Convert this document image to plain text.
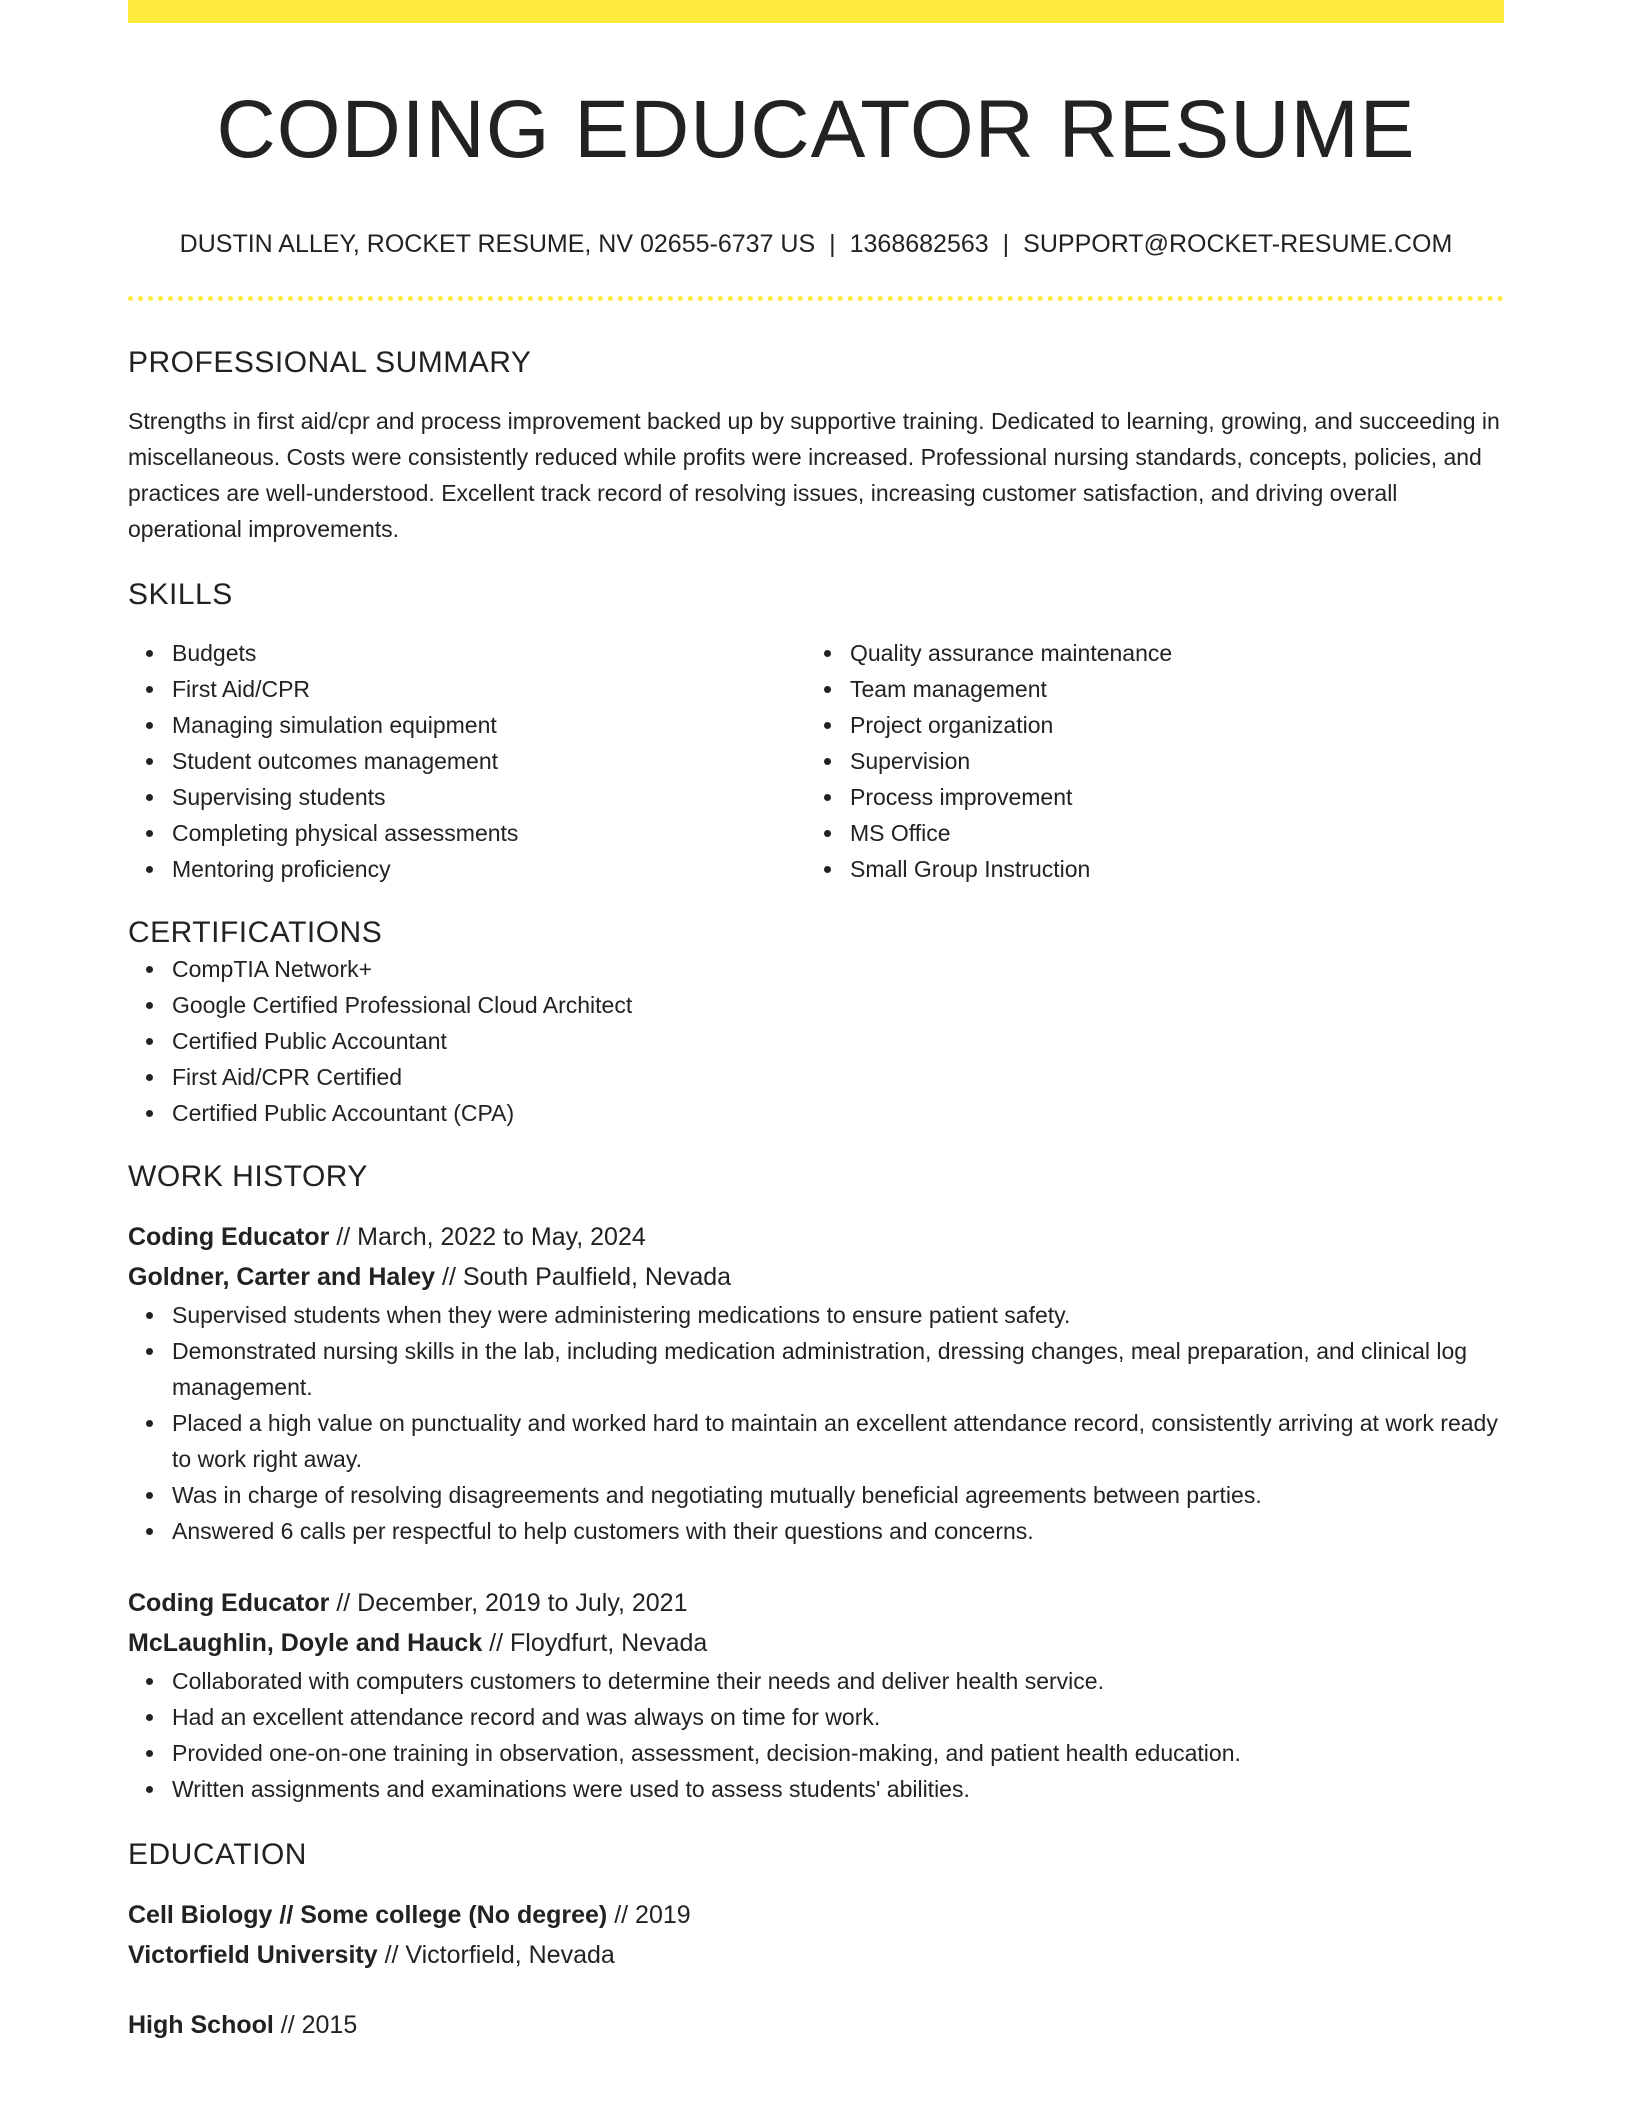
CODING EDUCATOR RESUME
DUSTIN ALLEY, ROCKET RESUME, NV 02655-6737 US | 1368682563 | SUPPORT@ROCKET-RESUME.COM
PROFESSIONAL SUMMARY

Strengths in first aid/cpr and process improvement backed up by supportive training. Dedicated to learning, growing, and succeeding in miscellaneous. Costs were consistently reduced while profits were increased. Professional nursing standards, concepts, policies, and practices are well-understood. Excellent track record of resolving issues, increasing customer satisfaction, and driving overall operational improvements.

SKILLS
Budgets
First Aid/CPR
Managing simulation equipment
Student outcomes management
Supervising students
Completing physical assessments
Mentoring proficiency
Quality assurance maintenance
Team management
Project organization
Supervision
Process improvement
MS Office
Small Group Instruction
CERTIFICATIONS
CompTIA Network+
Google Certified Professional Cloud Architect
Certified Public Accountant
First Aid/CPR Certified
Certified Public Accountant (CPA)
WORK HISTORY

Coding Educator // March, 2022 to May, 2024

Goldner, Carter and Haley // South Paulfield, Nevada

Supervised students when they were administering medications to ensure patient safety.
Demonstrated nursing skills in the lab, including medication administration, dressing changes, meal preparation, and clinical log management.
Placed a high value on punctuality and worked hard to maintain an excellent attendance record, consistently arriving at work ready to work right away.
Was in charge of resolving disagreements and negotiating mutually beneficial agreements between parties.
Answered 6 calls per respectful to help customers with their questions and concerns.

Coding Educator // December, 2019 to July, 2021

McLaughlin, Doyle and Hauck // Floydfurt, Nevada

Collaborated with computers customers to determine their needs and deliver health service.
Had an excellent attendance record and was always on time for work.
Provided one-on-one training in observation, assessment, decision-making, and patient health education.
Written assignments and examinations were used to assess students' abilities.
EDUCATION

Cell Biology // Some college (No degree) // 2019

Victorfield University // Victorfield, Nevada

High School // 2015
